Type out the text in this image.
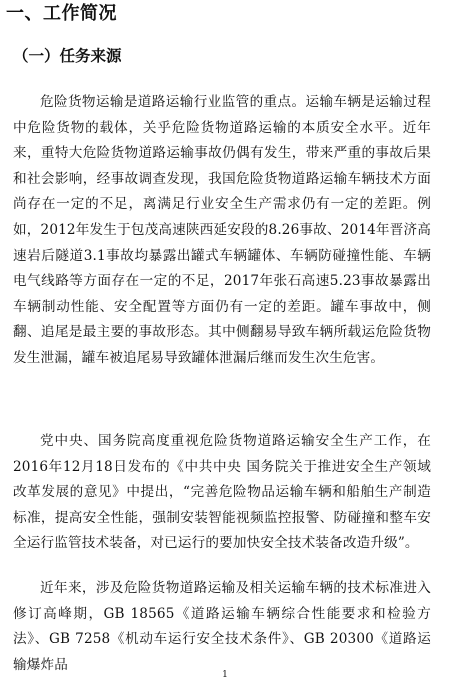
一、工作简况
（一）任务来源

危险货物运输是道路运输行业监管的重点。运输车辆是运输过程中危险货物的载体，关乎危险货物道路运输的本质安全水平。近年来，重特大危险货物道路运输事故仍偶有发生，带来严重的事故后果和社会影响，经事故调查发现，我国危险货物道路运输车辆技术方面尚存在一定的不足，离满足行业安全生产需求仍有一定的差距。例如，2012年发生于包茂高速陕西延安段的8.26事故、2014年晋济高速岩后隧道3.1事故均暴露出罐式车辆罐体、车辆防碰撞性能、车辆电气线路等方面存在一定的不足，2017年张石高速5.23事故暴露出车辆制动性能、安全配置等方面仍有一定的差距。罐车事故中，侧翻、追尾是最主要的事故形态。其中侧翻易导致车辆所载运危险货物发生泄漏，罐车被追尾易导致罐体泄漏后继而发生次生危害。

党中央、国务院高度重视危险货物道路运输安全生产工作，在2016年12月18日发布的《中共中央 国务院关于推进安全生产领域改革发展的意见》中提出，“完善危险物品运输车辆和船舶生产制造标准，提高安全性能，强制安装智能视频监控报警、防碰撞和整车安全运行监管技术装备，对已运行的要加快安全技术装备改造升级”。

近年来，涉及危险货物道路运输及相关运输车辆的技术标准进入修订高峰期，GB 18565《道路运输车辆综合性能要求和检验方法》、GB 7258《机动车运行安全技术条件》、GB 20300《道路运输爆炸品

1
